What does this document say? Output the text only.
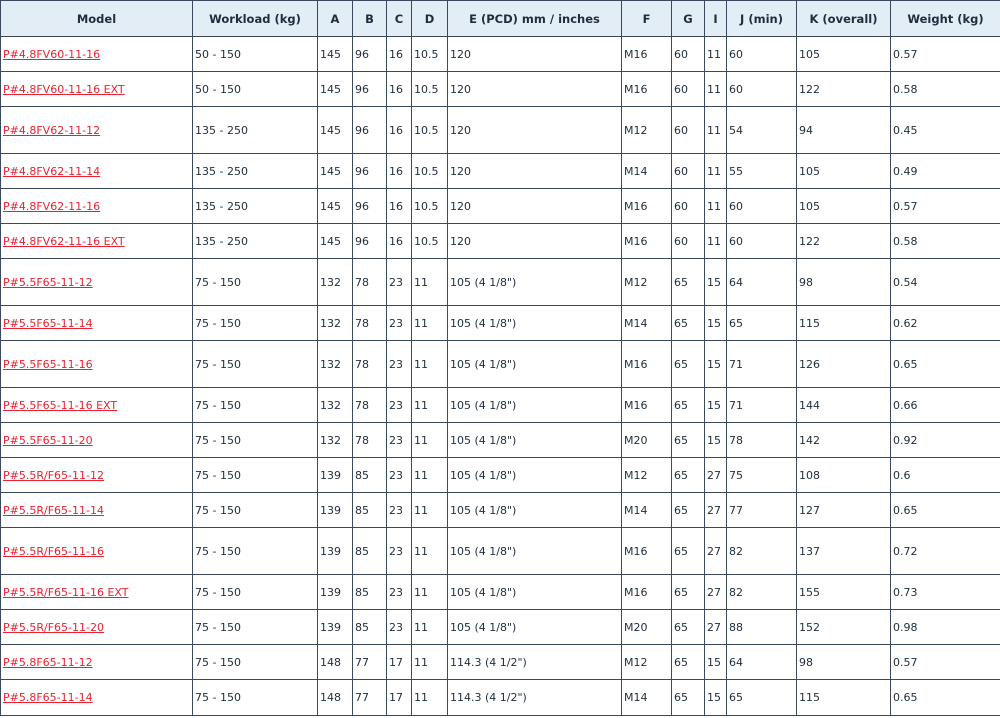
Model	Workload (kg)	A	B	C	D	E (PCD) mm / inches	F	G	I	J (min)	K (overall)	Weight (kg)
P#4.8FV60-11-16	50 - 150	145	96	16	10.5	120	M16	60	11	60	105	0.57
P#4.8FV60-11-16 EXT	50 - 150	145	96	16	10.5	120	M16	60	11	60	122	0.58
P#4.8FV62-11-12	135 - 250	145	96	16	10.5	120	M12	60	11	54	94	0.45
P#4.8FV62-11-14	135 - 250	145	96	16	10.5	120	M14	60	11	55	105	0.49
P#4.8FV62-11-16	135 - 250	145	96	16	10.5	120	M16	60	11	60	105	0.57
P#4.8FV62-11-16 EXT	135 - 250	145	96	16	10.5	120	M16	60	11	60	122	0.58
P#5.5F65-11-12	75 - 150	132	78	23	11	105 (4 1/8")	M12	65	15	64	98	0.54
P#5.5F65-11-14	75 - 150	132	78	23	11	105 (4 1/8")	M14	65	15	65	115	0.62
P#5.5F65-11-16	75 - 150	132	78	23	11	105 (4 1/8")	M16	65	15	71	126	0.65
P#5.5F65-11-16 EXT	75 - 150	132	78	23	11	105 (4 1/8")	M16	65	15	71	144	0.66
P#5.5F65-11-20	75 - 150	132	78	23	11	105 (4 1/8")	M20	65	15	78	142	0.92
P#5.5R/F65-11-12	75 - 150	139	85	23	11	105 (4 1/8")	M12	65	27	75	108	0.6
P#5.5R/F65-11-14	75 - 150	139	85	23	11	105 (4 1/8")	M14	65	27	77	127	0.65
P#5.5R/F65-11-16	75 - 150	139	85	23	11	105 (4 1/8")	M16	65	27	82	137	0.72
P#5.5R/F65-11-16 EXT	75 - 150	139	85	23	11	105 (4 1/8")	M16	65	27	82	155	0.73
P#5.5R/F65-11-20	75 - 150	139	85	23	11	105 (4 1/8")	M20	65	27	88	152	0.98
P#5.8F65-11-12	75 - 150	148	77	17	11	114.3 (4 1/2")	M12	65	15	64	98	0.57
P#5.8F65-11-14	75 - 150	148	77	17	11	114.3 (4 1/2")	M14	65	15	65	115	0.65
